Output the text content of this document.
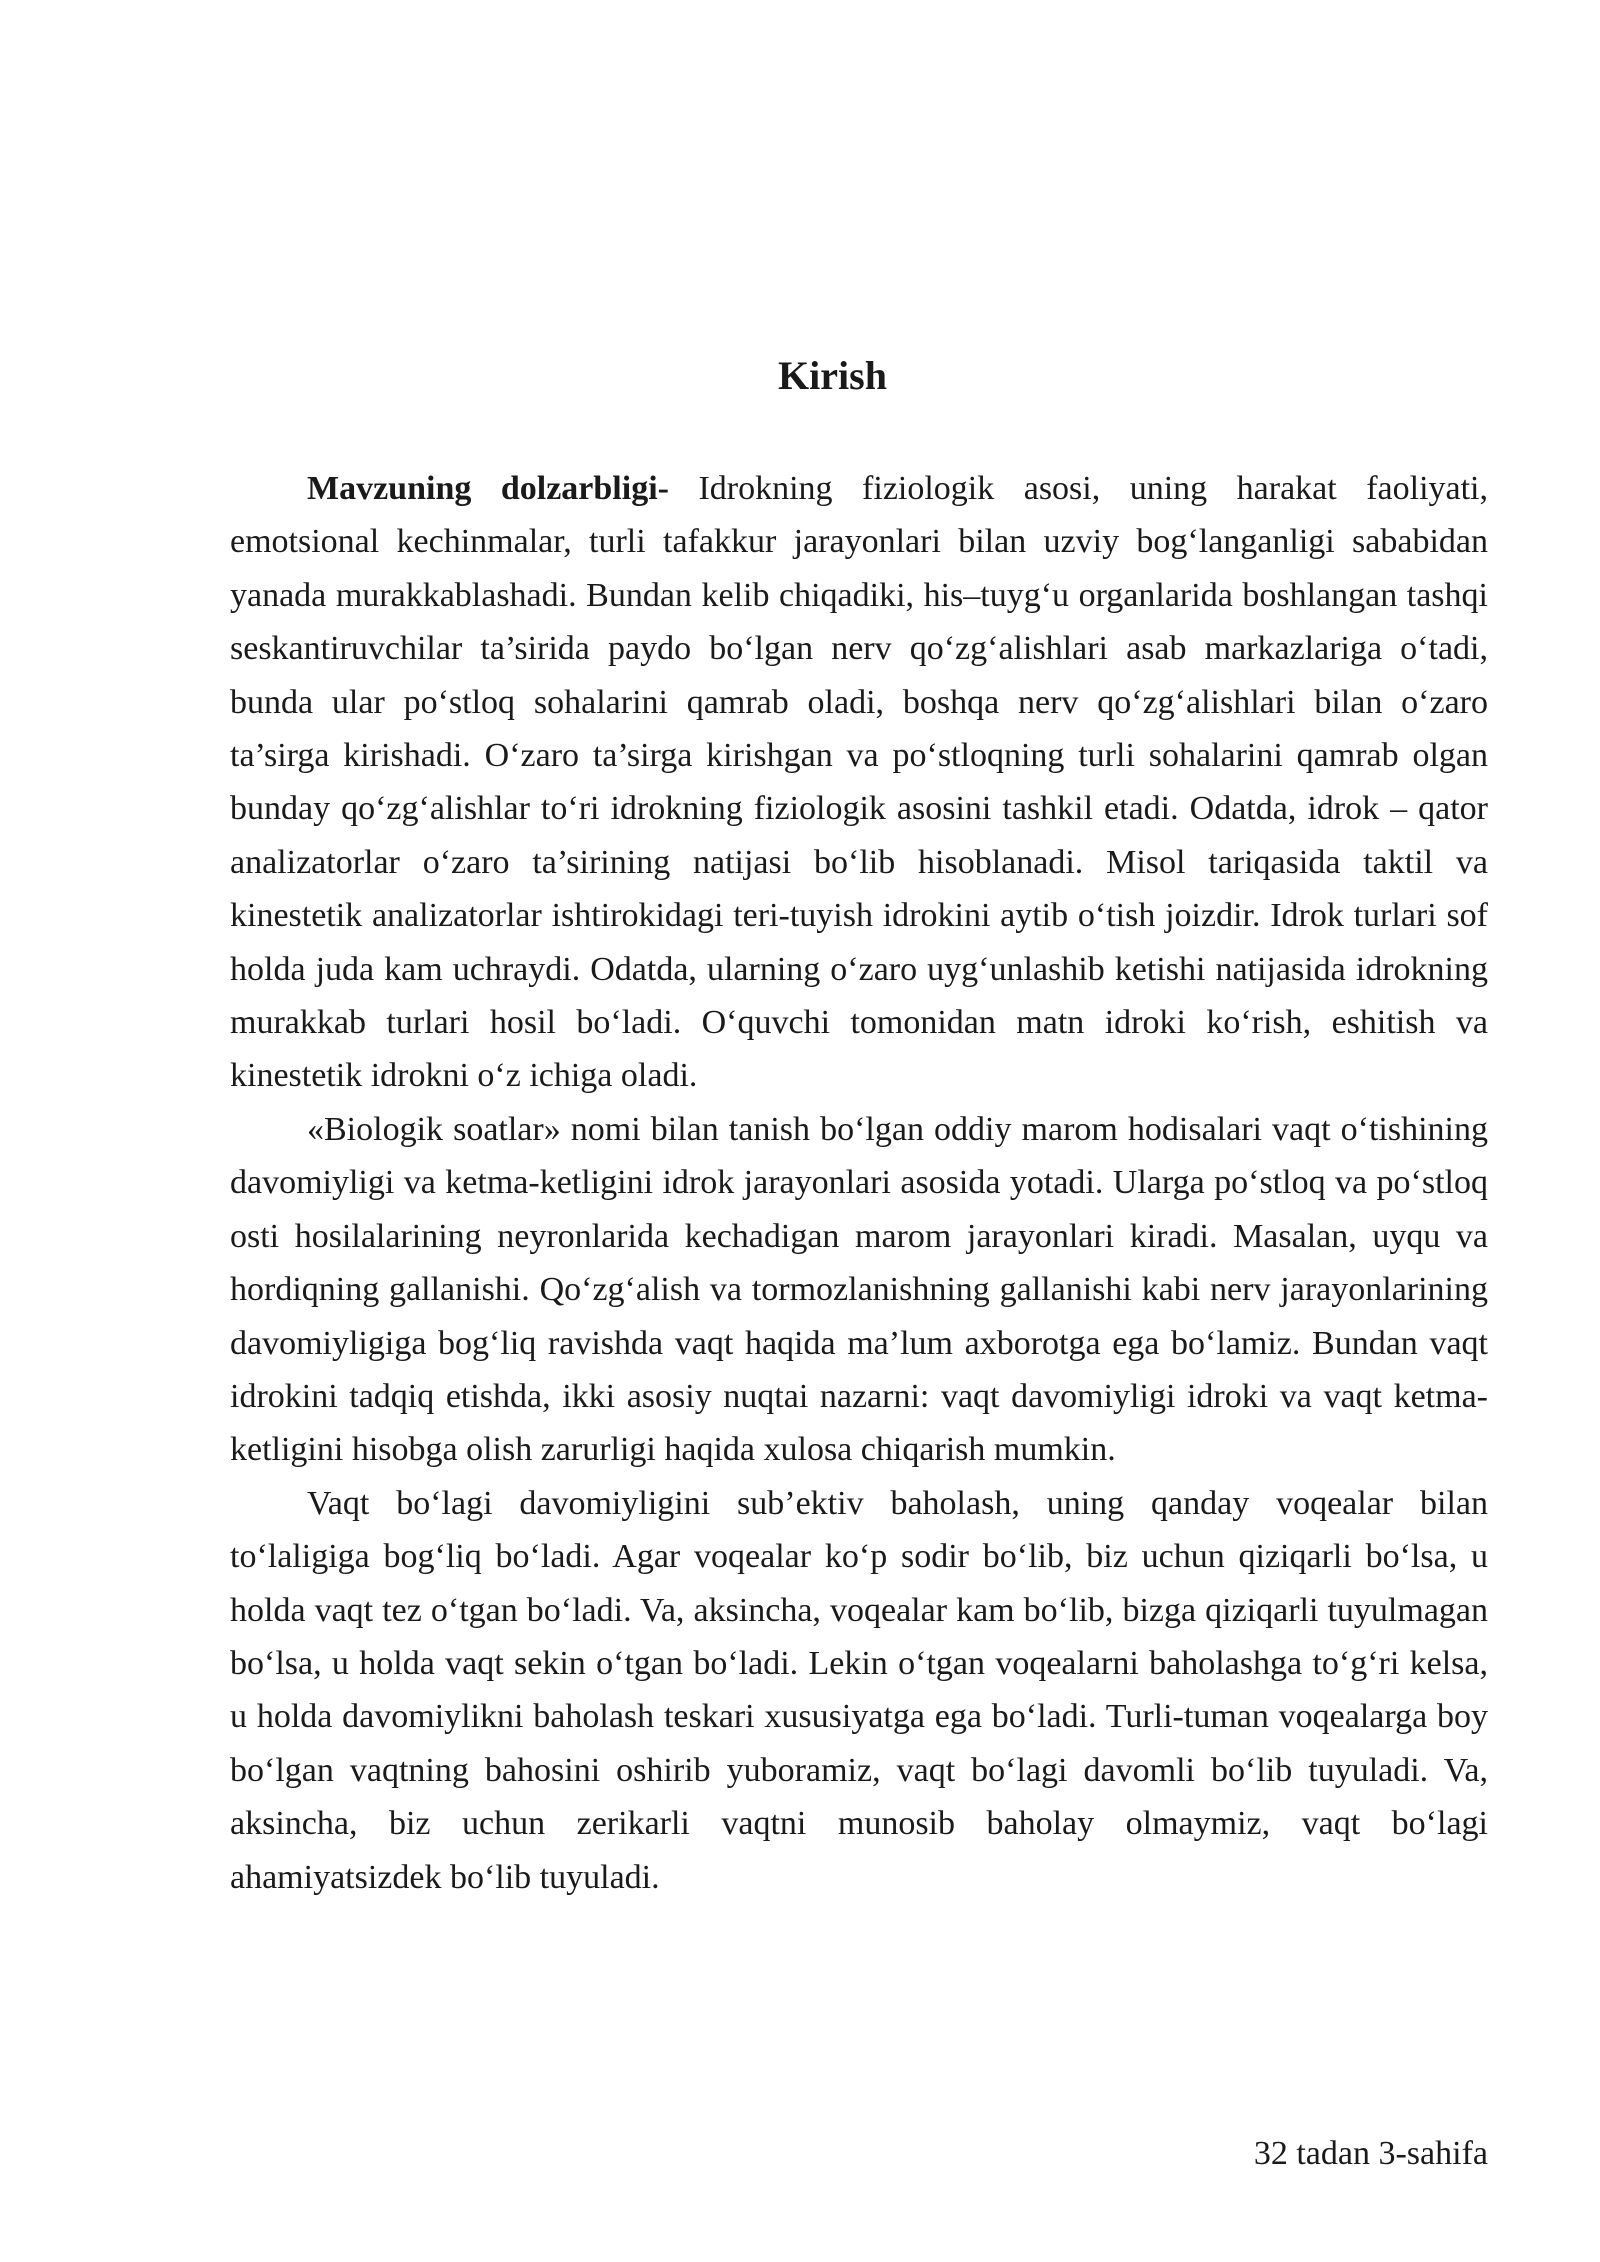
Kirish

Mavzuning dolzarbligi- Idrokning fiziologik asosi, uning harakat faoliyati, emotsional kechinmalar, turli tafakkur jarayonlari bilan uzviy bog‘langanligi sababidan yanada murakkablashadi. Bundan kelib chiqadiki, his–tuyg‘u organlarida boshlangan tashqi seskantiruvchilar ta’sirida paydo bo‘lgan nerv qo‘zg‘alishlari asab markazlariga o‘tadi, bunda ular po‘stloq sohalarini qamrab oladi, boshqa nerv qo‘zg‘alishlari bilan o‘zaro ta’sirga kirishadi. O‘zaro ta’sirga kirishgan va po‘stloqning turli sohalarini qamrab olgan bunday qo‘zg‘alishlar to‘ri idrokning fiziologik asosini tashkil etadi. Odatda, idrok – qator analizatorlar o‘zaro ta’sirining natijasi bo‘lib hisoblanadi. Misol tariqasida taktil va kinestetik analizatorlar ishtirokidagi teri-tuyish idrokini aytib o‘tish joizdir. Idrok turlari sof holda juda kam uchraydi. Odatda, ularning o‘zaro uyg‘unlashib ketishi natijasida idrokning murakkab turlari hosil bo‘ladi. O‘quvchi tomonidan matn idroki ko‘rish, eshitish va kinestetik idrokni o‘z ichiga oladi.

«Biologik soatlar» nomi bilan tanish bo‘lgan oddiy marom hodisalari vaqt o‘tishining davomiyligi va ketma-ketligini idrok jarayonlari asosida yotadi. Ularga po‘stloq va po‘stloq osti hosilalarining neyronlarida kechadigan marom jarayonlari kiradi. Masalan, uyqu va hordiqning gallanishi. Qo‘zg‘alish va tormozlanishning gallanishi kabi nerv jarayonlarining davomiyligiga bog‘liq ravishda vaqt haqida ma’lum axborotga ega bo‘lamiz. Bundan vaqt idrokini tadqiq etishda, ikki asosiy nuqtai nazarni: vaqt davomiyligi idroki va vaqt ketma-ketligini hisobga olish zarurligi haqida xulosa chiqarish mumkin.

Vaqt bo‘lagi davomiyligini sub’ektiv baholash, uning qanday voqealar bilan to‘laligiga bog‘liq bo‘ladi. Agar voqealar ko‘p sodir bo‘lib, biz uchun qiziqarli bo‘lsa, u holda vaqt tez o‘tgan bo‘ladi. Va, aksincha, voqealar kam bo‘lib, bizga qiziqarli tuyulmagan bo‘lsa, u holda vaqt sekin o‘tgan bo‘ladi. Lekin o‘tgan voqealarni baholashga to‘g‘ri kelsa, u holda davomiylikni baholash teskari xususiyatga ega bo‘ladi. Turli-tuman voqealarga boy bo‘lgan vaqtning bahosini oshirib yuboramiz, vaqt bo‘lagi davomli bo‘lib tuyuladi. Va, aksincha, biz uchun zerikarli vaqtni munosib baholay olmaymiz, vaqt bo‘lagi ahamiyatsizdek bo‘lib tuyuladi.

32 tadan 3-sahifa
